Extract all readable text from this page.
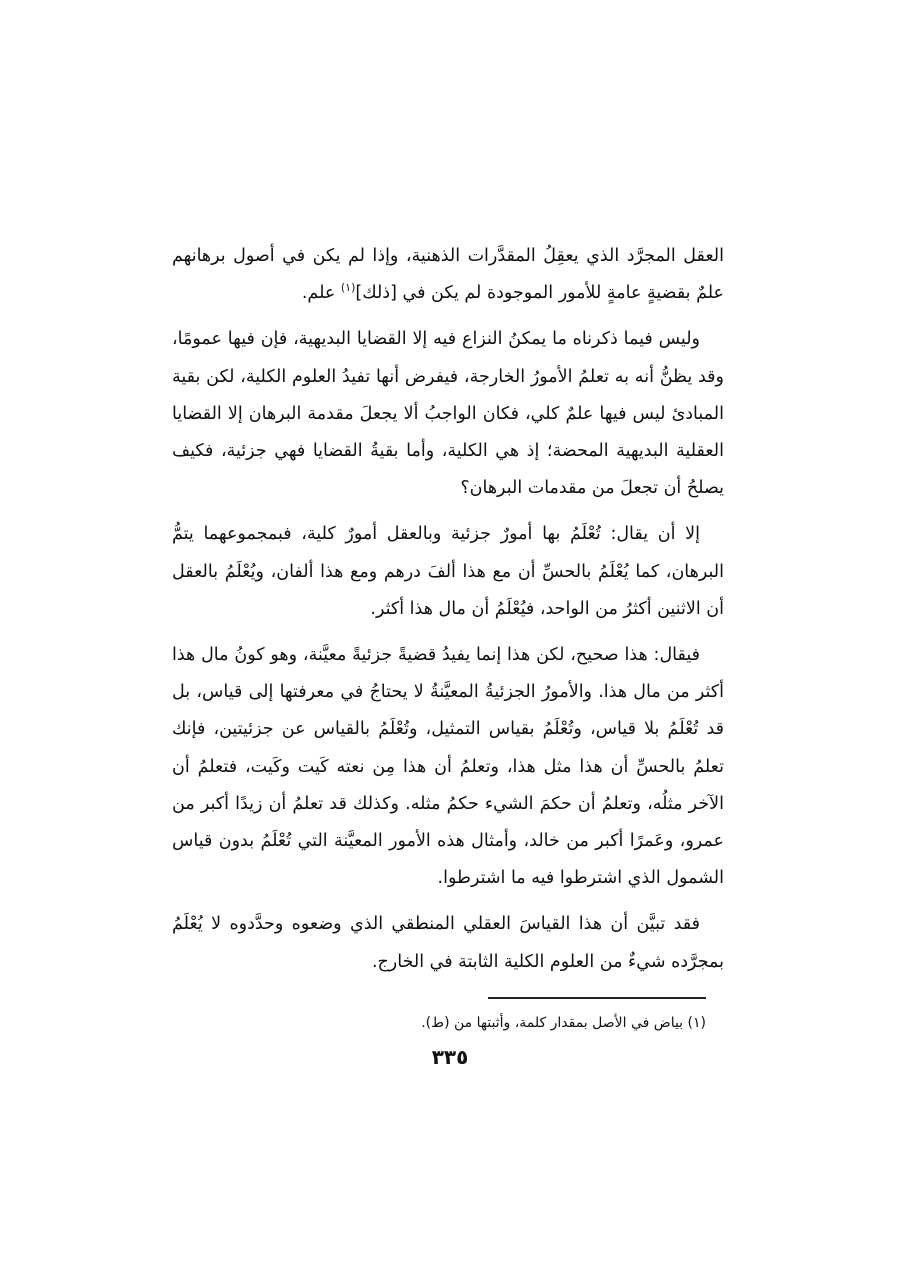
العقل المجرَّد الذي يعقِلُ المقدَّرات الذهنية، وإذا لم يكن في أصول برهانهم علمٌ بقضيةٍ عامةٍ للأمور الموجودة لم يكن في [ذلك]$^{(١)}$ علم.

وليس فيما ذكرناه ما يمكنُ النزاع فيه إلا القضايا البديهية، فإن فيها عمومًا، وقد يظنُّ أنه به تعلمُ الأمورُ الخارجة، فيفرض أنها تفيدُ العلوم الكلية، لكن بقية المبادئ ليس فيها علمٌ كلي، فكان الواجبُ ألا يجعلَ مقدمة البرهان إلا القضايا العقلية البديهية المحضة؛ إذ هي الكلية، وأما بقيةُ القضايا فهي جزئية، فكيف يصلحُ أن تجعلَ من مقدمات البرهان؟

إلا أن يقال: تُعْلَمُ بها أمورٌ جزئية وبالعقل أمورٌ كلية، فبمجموعهما يتمُّ البرهان، كما يُعْلَمُ بالحسِّ أن مع هذا ألفَ درهم ومع هذا ألفان، ويُعْلَمُ بالعقل أن الاثنين أكثرُ من الواحد، فيُعْلَمُ أن مال هذا أكثر.

فيقال: هذا صحيح، لكن هذا إنما يفيدُ قضيةً جزئيةً معيَّنة، وهو كونُ مال هذا أكثر من مال هذا. والأمورُ الجزئيةُ المعيَّنةُ لا يحتاجُ في معرفتها إلى قياس، بل قد تُعْلَمُ بلا قياس، وتُعْلَمُ بقياس التمثيل، وتُعْلَمُ بالقياس عن جزئيتين، فإنك تعلمُ بالحسِّ أن هذا مثل هذا، وتعلمُ أن هذا مِن نعته كَيت وكَيت، فتعلمُ أن الآخر مثلُه، وتعلمُ أن حكمَ الشيء حكمُ مثله. وكذلك قد تعلمُ أن زيدًا أكبر من عمرو، وعَمرًا أكبر من خالد، وأمثال هذه الأمور المعيَّنة التي تُعْلَمُ بدون قياس الشمول الذي اشترطوا فيه ما اشترطوا.

فقد تبيَّن أن هذا القياسَ العقلي المنطقي الذي وضعوه وحدَّدوه لا يُعْلَمُ بمجرَّده شيءٌ من العلوم الكلية الثابتة في الخارج.

(١) بياض في الأصل بمقدار كلمة، وأثبتها من (ط).
٣٣٥
